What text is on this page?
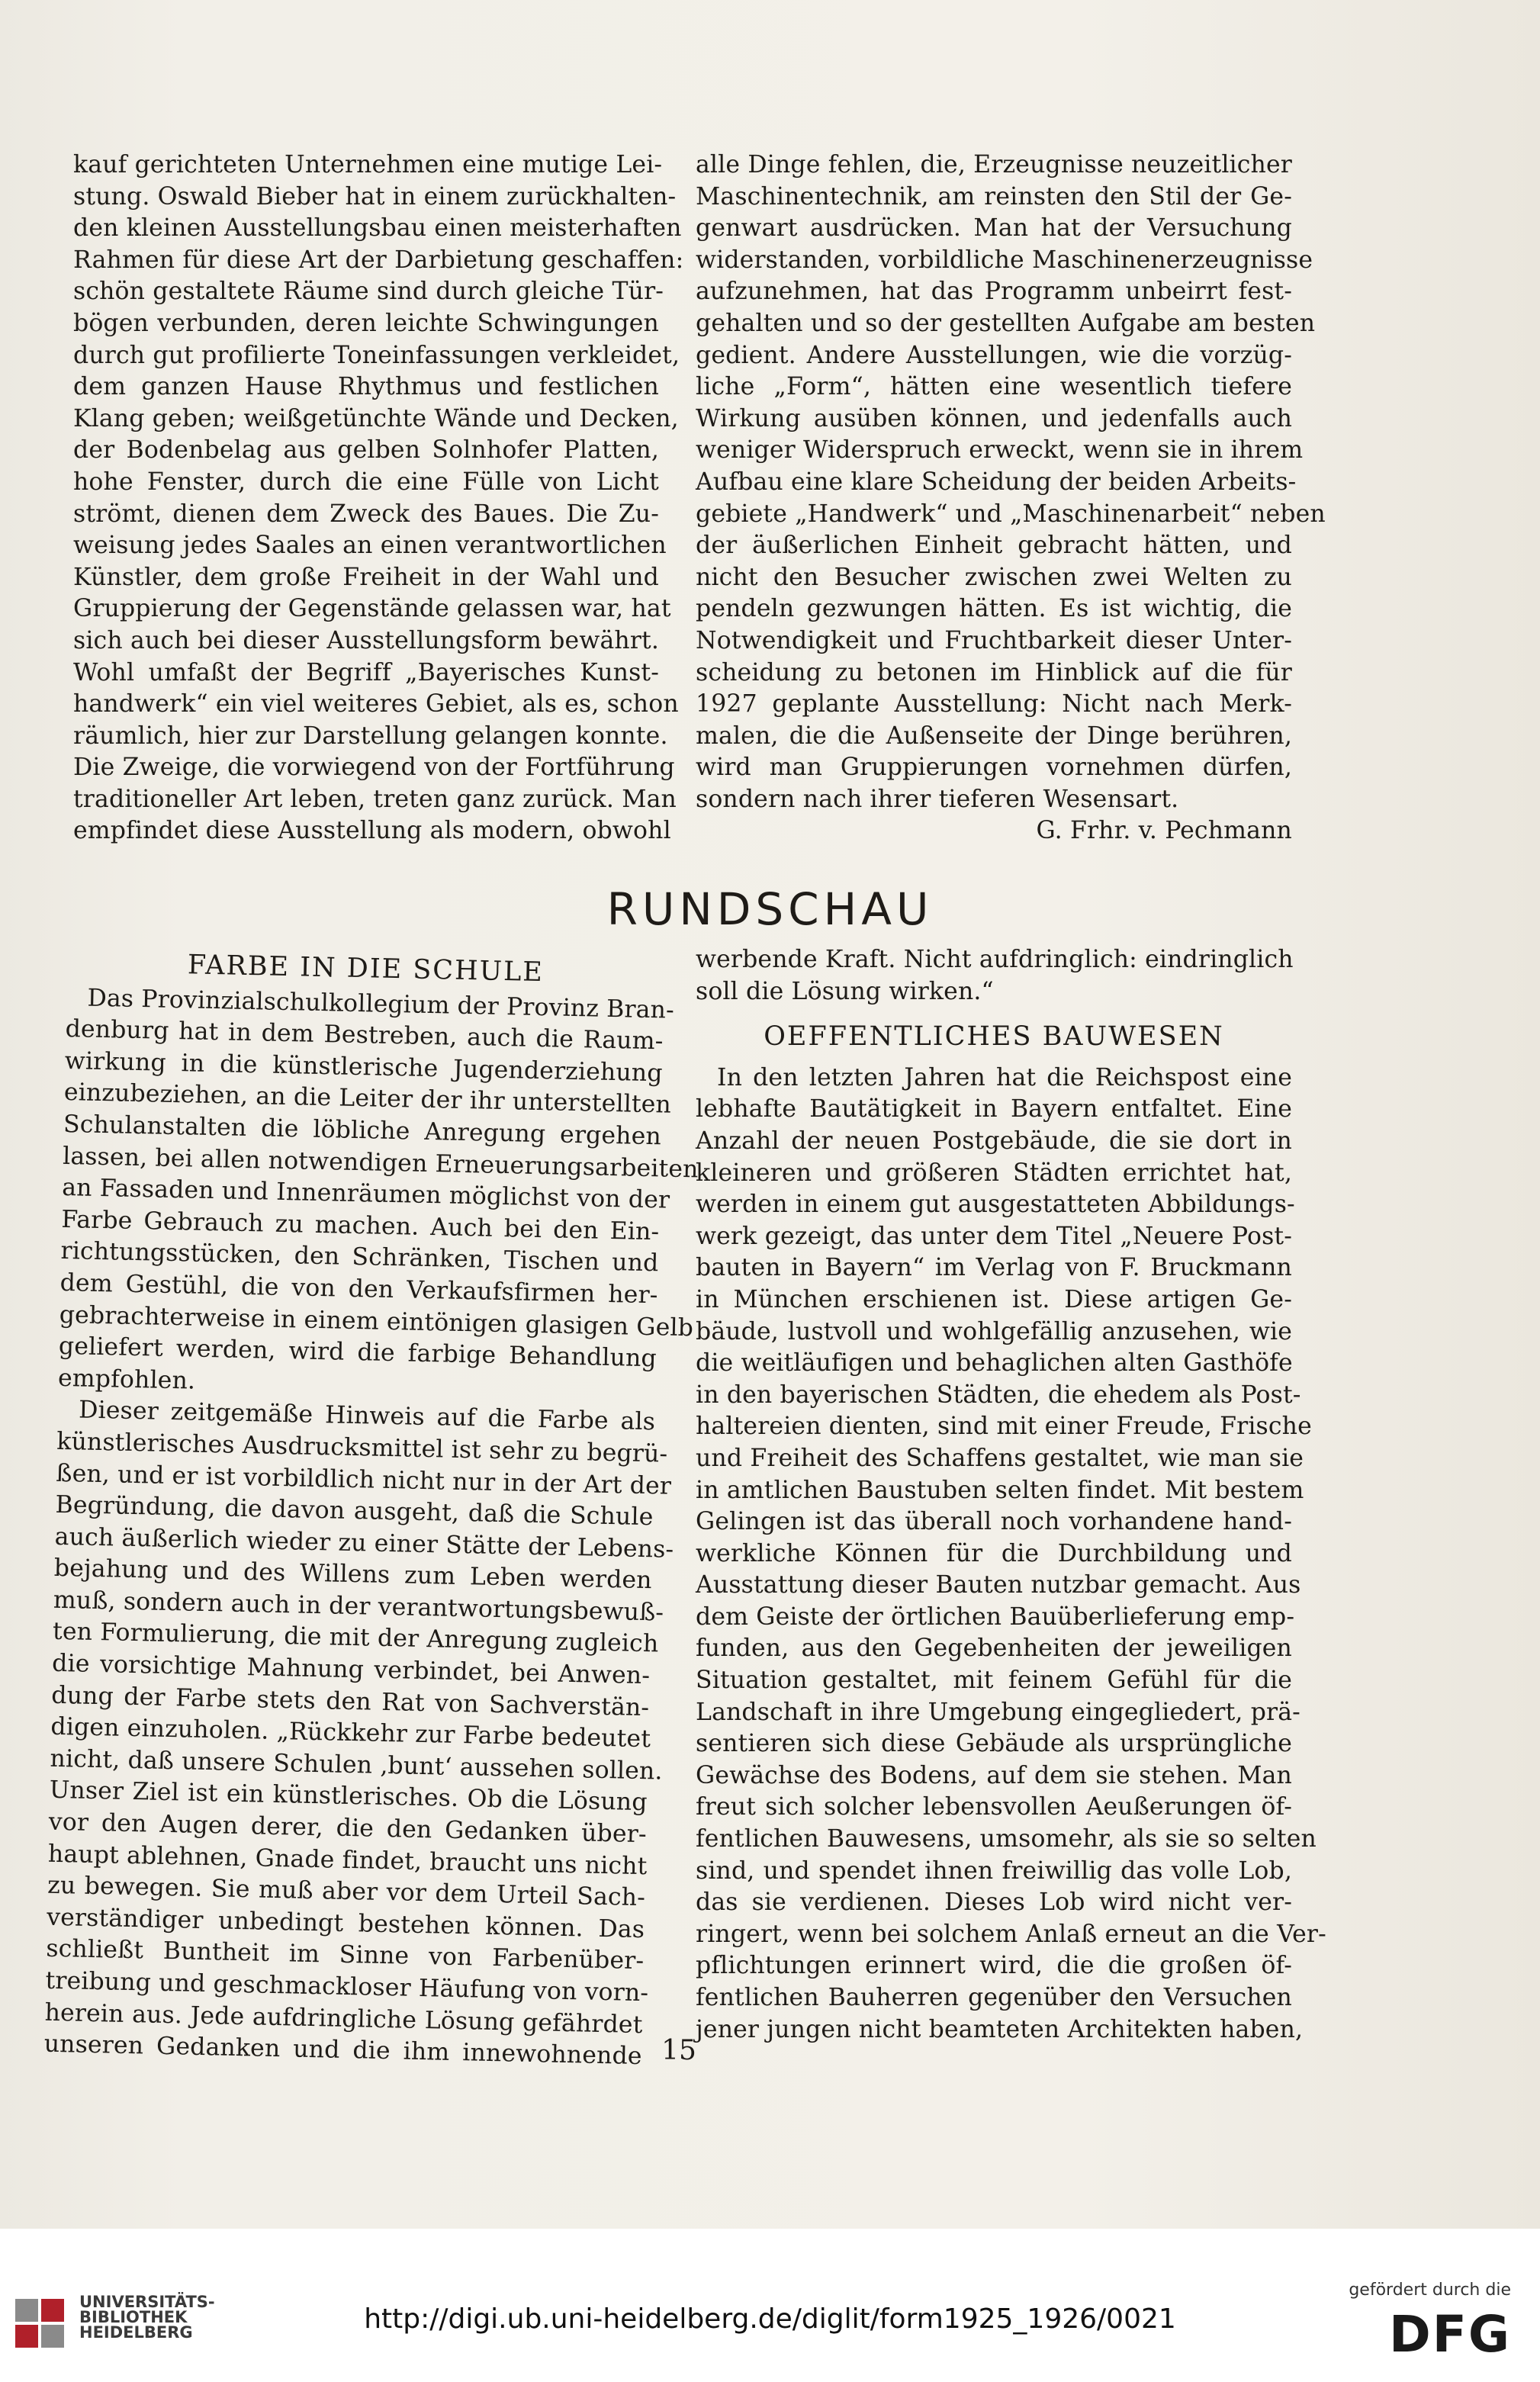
kauf gerichteten Unternehmen eine mutige Lei-

stung. Oswald Bieber hat in einem zurückhalten-

den kleinen Ausstellungsbau einen meisterhaften

Rahmen für diese Art der Darbietung geschaffen:

schön gestaltete Räume sind durch gleiche Tür-

bögen verbunden, deren leichte Schwingungen

durch gut profilierte Toneinfassungen verkleidet,

dem ganzen Hause Rhythmus und festlichen

Klang geben; weißgetünchte Wände und Decken,

der Bodenbelag aus gelben Solnhofer Platten,

hohe Fenster, durch die eine Fülle von Licht

strömt, dienen dem Zweck des Baues. Die Zu-

weisung jedes Saales an einen verantwortlichen

Künstler, dem große Freiheit in der Wahl und

Gruppierung der Gegenstände gelassen war, hat

sich auch bei dieser Ausstellungsform bewährt.

Wohl umfaßt der Begriff „Bayerisches Kunst-

handwerk“ ein viel weiteres Gebiet, als es, schon

räumlich, hier zur Darstellung gelangen konnte.

Die Zweige, die vorwiegend von der Fortführung

traditioneller Art leben, treten ganz zurück. Man

empfindet diese Ausstellung als modern, obwohl

alle Dinge fehlen, die, Erzeugnisse neuzeitlicher

Maschinentechnik, am reinsten den Stil der Ge-

genwart ausdrücken. Man hat der Versuchung

widerstanden, vorbildliche Maschinenerzeugnisse

aufzunehmen, hat das Programm unbeirrt fest-

gehalten und so der gestellten Aufgabe am besten

gedient. Andere Ausstellungen, wie die vorzüg-

liche „Form“, hätten eine wesentlich tiefere

Wirkung ausüben können, und jedenfalls auch

weniger Widerspruch erweckt, wenn sie in ihrem

Aufbau eine klare Scheidung der beiden Arbeits-

gebiete „Handwerk“ und „Maschinenarbeit“ neben

der äußerlichen Einheit gebracht hätten, und

nicht den Besucher zwischen zwei Welten zu

pendeln gezwungen hätten. Es ist wichtig, die

Notwendigkeit und Fruchtbarkeit dieser Unter-

scheidung zu betonen im Hinblick auf die für

1927 geplante Ausstellung: Nicht nach Merk-

malen, die die Außenseite der Dinge berühren,

wird man Gruppierungen vornehmen dürfen,

sondern nach ihrer tieferen Wesensart.

G. Frhr. v. Pechmann

RUNDSCHAU

FARBE IN DIE SCHULE

Das Provinzialschulkollegium der Provinz Bran-

denburg hat in dem Bestreben, auch die Raum-

wirkung in die künstlerische Jugenderziehung

einzubeziehen, an die Leiter der ihr unterstellten

Schulanstalten die löbliche Anregung ergehen

lassen, bei allen notwendigen Erneuerungsarbeiten

an Fassaden und Innenräumen möglichst von der

Farbe Gebrauch zu machen. Auch bei den Ein-

richtungsstücken, den Schränken, Tischen und

dem Gestühl, die von den Verkaufsfirmen her-

gebrachterweise in einem eintönigen glasigen Gelb

geliefert werden, wird die farbige Behandlung

empfohlen.

Dieser zeitgemäße Hinweis auf die Farbe als

künstlerisches Ausdrucksmittel ist sehr zu begrü-

ßen, und er ist vorbildlich nicht nur in der Art der

Begründung, die davon ausgeht, daß die Schule

auch äußerlich wieder zu einer Stätte der Lebens-

bejahung und des Willens zum Leben werden

muß, sondern auch in der verantwortungsbewuß-

ten Formulierung, die mit der Anregung zugleich

die vorsichtige Mahnung verbindet, bei Anwen-

dung der Farbe stets den Rat von Sachverstän-

digen einzuholen. „Rückkehr zur Farbe bedeutet

nicht, daß unsere Schulen ‚bunt‘ aussehen sollen.

Unser Ziel ist ein künstlerisches. Ob die Lösung

vor den Augen derer, die den Gedanken über-

haupt ablehnen, Gnade findet, braucht uns nicht

zu bewegen. Sie muß aber vor dem Urteil Sach-

verständiger unbedingt bestehen können. Das

schließt Buntheit im Sinne von Farbenüber-

treibung und geschmackloser Häufung von vorn-

herein aus. Jede aufdringliche Lösung gefährdet

unseren Gedanken und die ihm innewohnende

werbende Kraft. Nicht aufdringlich: eindringlich

soll die Lösung wirken.“

OEFFENTLICHES BAUWESEN

In den letzten Jahren hat die Reichspost eine

lebhafte Bautätigkeit in Bayern entfaltet. Eine

Anzahl der neuen Postgebäude, die sie dort in

kleineren und größeren Städten errichtet hat,

werden in einem gut ausgestatteten Abbildungs-

werk gezeigt, das unter dem Titel „Neuere Post-

bauten in Bayern“ im Verlag von F. Bruckmann

in München erschienen ist. Diese artigen Ge-

bäude, lustvoll und wohlgefällig anzusehen, wie

die weitläufigen und behaglichen alten Gasthöfe

in den bayerischen Städten, die ehedem als Post-

haltereien dienten, sind mit einer Freude, Frische

und Freiheit des Schaffens gestaltet, wie man sie

in amtlichen Baustuben selten findet. Mit bestem

Gelingen ist das überall noch vorhandene hand-

werkliche Können für die Durchbildung und

Ausstattung dieser Bauten nutzbar gemacht. Aus

dem Geiste der örtlichen Bauüberlieferung emp-

funden, aus den Gegebenheiten der jeweiligen

Situation gestaltet, mit feinem Gefühl für die

Landschaft in ihre Umgebung eingegliedert, prä-

sentieren sich diese Gebäude als ursprüngliche

Gewächse des Bodens, auf dem sie stehen. Man

freut sich solcher lebensvollen Aeußerungen öf-

fentlichen Bauwesens, umsomehr, als sie so selten

sind, und spendet ihnen freiwillig das volle Lob,

das sie verdienen. Dieses Lob wird nicht ver-

ringert, wenn bei solchem Anlaß erneut an die Ver-

pflichtungen erinnert wird, die die großen öf-

fentlichen Bauherren gegenüber den Versuchen

jener jungen nicht beamteten Architekten haben,

15
UNIVERSITÄTS-
BIBLIOTHEK
HEIDELBERG	http://digi.ub.uni-heidelberg.de/diglit/form1925_1926/0021
gefördert durch die
DFG
